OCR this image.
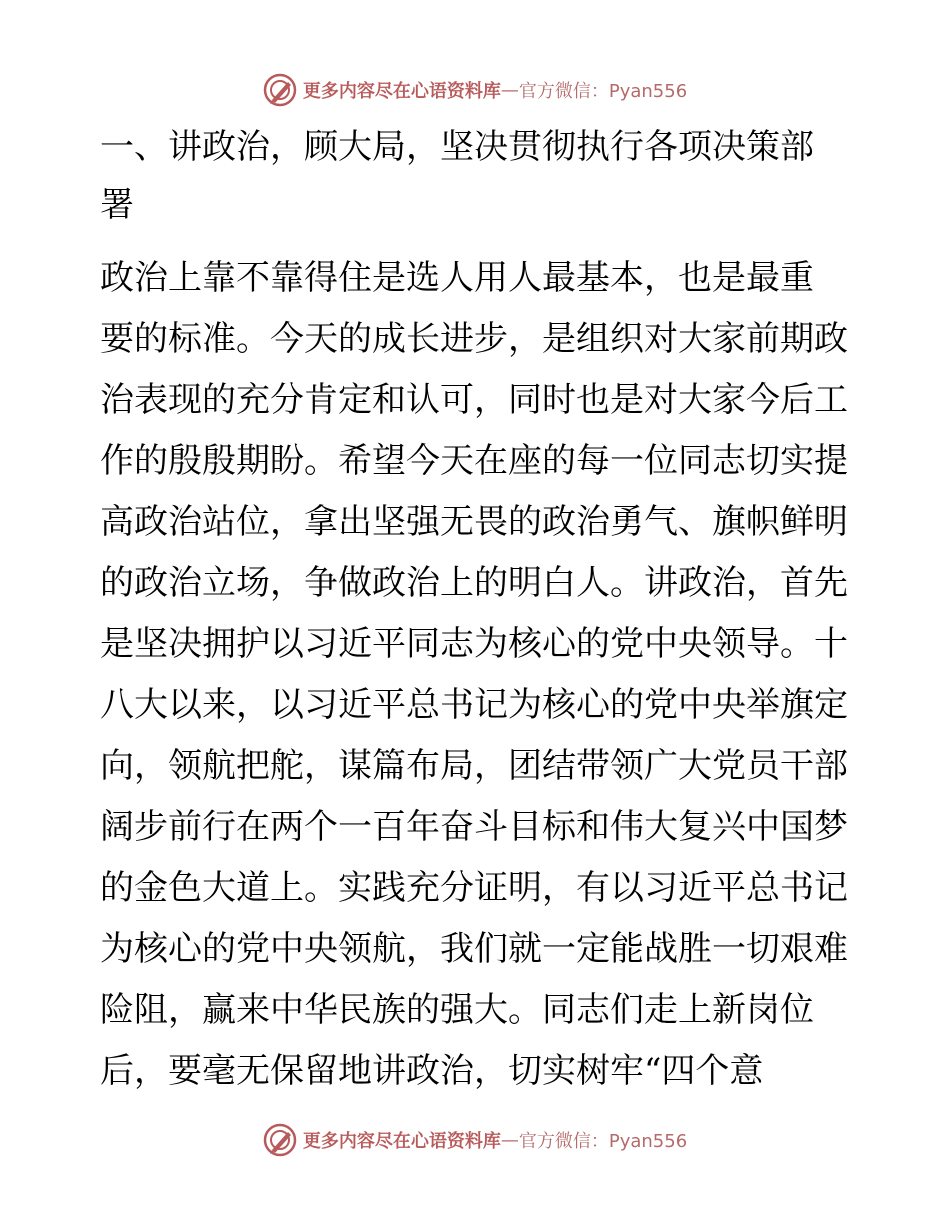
更多内容尽在心语资料库 — 官方微信：Pyan556
一、讲政治，顾大局，坚决贯彻执行各项决策部
署

政治上靠不靠得住是选人用人最基本，也是最重
要的标准。今天的成长进步，是组织对大家前期政
治表现的充分肯定和认可，同时也是对大家今后工
作的殷殷期盼。希望今天在座的每一位同志切实提
高政治站位，拿出坚强无畏的政治勇气、旗帜鲜明
的政治立场，争做政治上的明白人。讲政治，首先
是坚决拥护以习近平同志为核心的党中央领导。十
八大以来，以习近平总书记为核心的党中央举旗定
向，领航把舵，谋篇布局，团结带领广大党员干部
阔步前行在两个一百年奋斗目标和伟大复兴中国梦
的金色大道上。实践充分证明，有以习近平总书记
为核心的党中央领航，我们就一定能战胜一切艰难
险阻，赢来中华民族的强大。同志们走上新岗位
后，要毫无保留地讲政治，切实树牢“四个意

更多内容尽在心语资料库 — 官方微信：Pyan556
